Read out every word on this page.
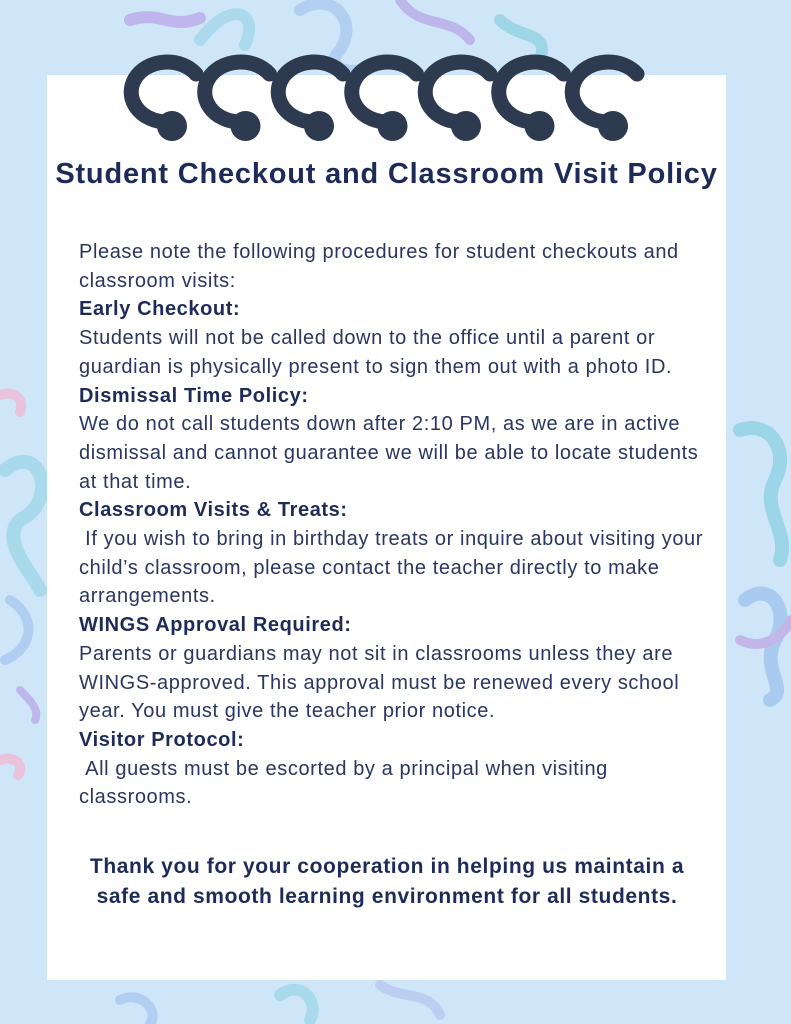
Student Checkout and Classroom Visit Policy

Please note the following procedures for student checkouts and classroom visits:

Early Checkout:

Students will not be called down to the office until a parent or guardian is physically present to sign them out with a photo ID.

Dismissal Time Policy:

We do not call students down after 2:10 PM, as we are in active dismissal and cannot guarantee we will be able to locate students at that time.

Classroom Visits & Treats:

If you wish to bring in birthday treats or inquire about visiting your child’s classroom, please contact the teacher directly to make arrangements.

WINGS Approval Required:

Parents or guardians may not sit in classrooms unless they are WINGS-approved. This approval must be renewed every school year. You must give the teacher prior notice.

Visitor Protocol:

All guests must be escorted by a principal when visiting classrooms.

Thank you for your cooperation in helping us maintain a safe and smooth learning environment for all students.
